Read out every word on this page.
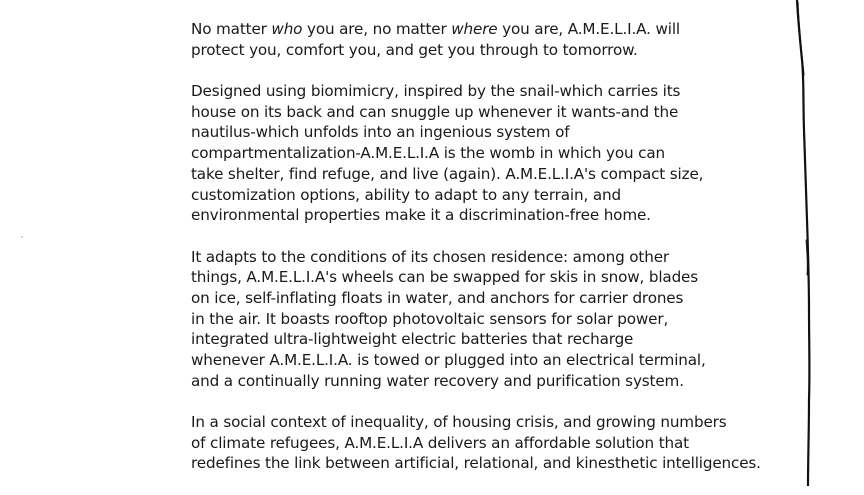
No matter who you are, no matter where you are, A.M.E.L.I.A. will
protect you, comfort you, and get you through to tomorrow.

Designed using biomimicry, inspired by the snail-which carries its
house on its back and can snuggle up whenever it wants-and the
nautilus-which unfolds into an ingenious system of
compartmentalization-A.M.E.L.I.A is the womb in which you can
take shelter, find refuge, and live (again). A.M.E.L.I.A's compact size,
customization options, ability to adapt to any terrain, and
environmental properties make it a discrimination-free home.

It adapts to the conditions of its chosen residence: among other
things, A.M.E.L.I.A's wheels can be swapped for skis in snow, blades
on ice, self-inflating floats in water, and anchors for carrier drones
in the air. It boasts rooftop photovoltaic sensors for solar power,
integrated ultra-lightweight electric batteries that recharge
whenever A.M.E.L.I.A. is towed or plugged into an electrical terminal,
and a continually running water recovery and purification system.

In a social context of inequality, of housing crisis, and growing numbers
of climate refugees, A.M.E.L.I.A delivers an affordable solution that
redefines the link between artificial, relational, and kinesthetic intelligences.
